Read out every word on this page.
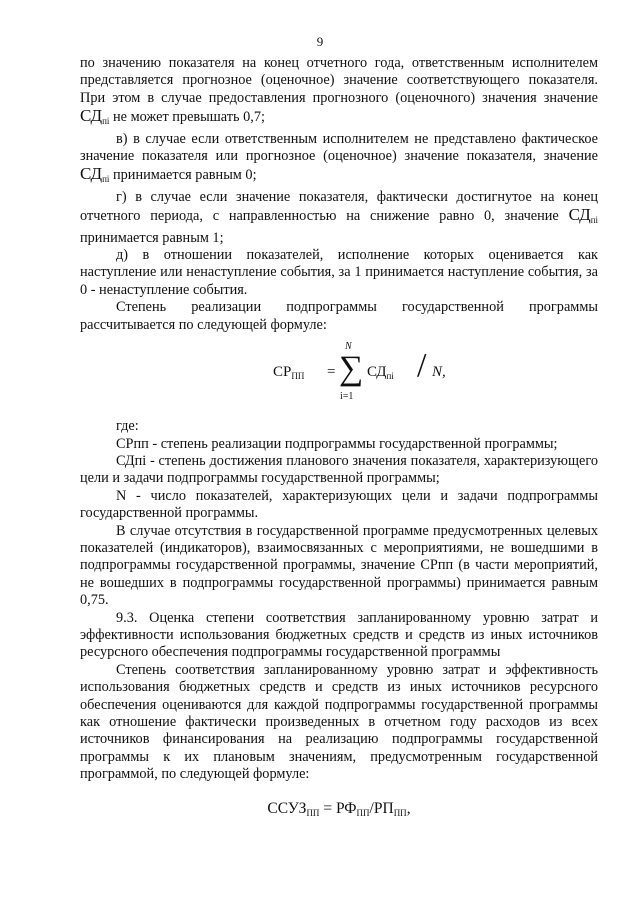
9

по значению показателя на конец отчетного года, ответственным исполнителем представляется прогнозное (оценочное) значение соответствующего показателя. При этом в случае предоставления прогнозного (оценочного) значения значение $СД_{пi}$ не может превышать 0,7;

в) в случае если ответственным исполнителем не представлено фактическое значение показателя или прогнозное (оценочное) значение показателя, значение $СД_{пi}$ принимается равным 0;

г) в случае если значение показателя, фактически достигнутое на конец отчетного периода, с направленностью на снижение равно 0, значение $СД_{пi}$ принимается равным 1;

д) в отношении показателей, исполнение которых оценивается как наступление или ненаступление события, за 1 принимается наступление события, за 0 - ненаступление события.

Степень реализации подпрограммы государственной программы рассчитывается по следующей формуле:

$СР_{ПП}$ =
N
∑
i=1
$СД_{пi}$ / N,

где:

СРпп - степень реализации подпрограммы государственной программы;

СДпi - степень достижения планового значения показателя, характеризующего цели и задачи подпрограммы государственной программы;

N - число показателей, характеризующих цели и задачи подпрограммы государственной программы.

В случае отсутствия в государственной программе предусмотренных целевых показателей (индикаторов), взаимосвязанных с мероприятиями, не вошедшими в подпрограммы государственной программы, значение СРпп (в части мероприятий, не вошедших в подпрограммы государственной программы) принимается равным 0,75.

9.3. Оценка степени соответствия запланированному уровню затрат и эффективности использования бюджетных средств и средств из иных источников ресурсного обеспечения подпрограммы государственной программы

Степень соответствия запланированному уровню затрат и эффективность использования бюджетных средств и средств из иных источников ресурсного обеспечения оцениваются для каждой подпрограммы государственной программы как отношение фактически произведенных в отчетном году расходов из всех источников финансирования на реализацию подпрограммы государственной программы к их плановым значениям, предусмотренным государственной программой, по следующей формуле:

$ССУЗ_{ПП} = РФ_{ПП}/РП_{ПП}$,
